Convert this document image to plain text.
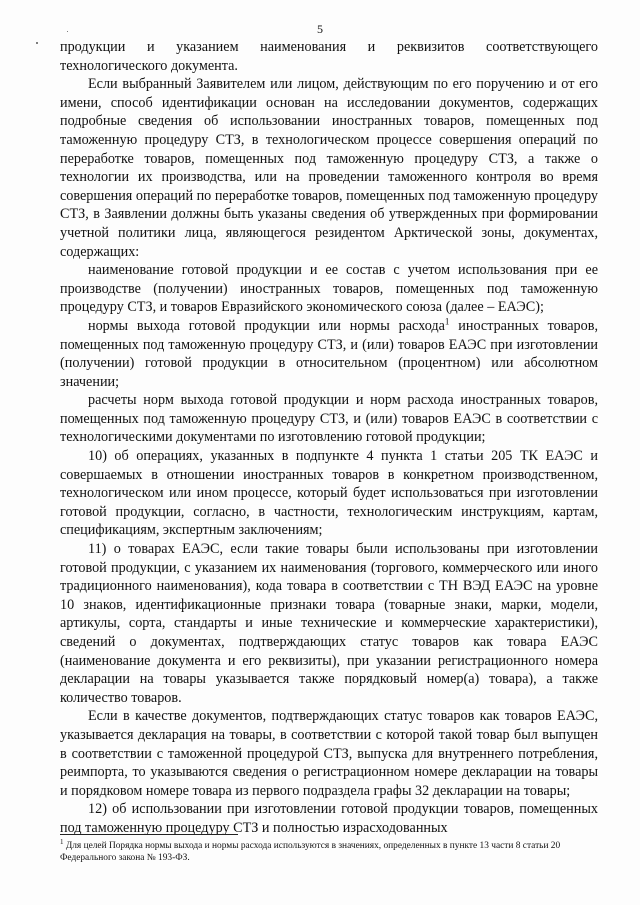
5

продукции и указанием наименования и реквизитов соответствующего технологического документа.

Если выбранный Заявителем или лицом, действующим по его поручению и от его имени, способ идентификации основан на исследовании документов, содержащих подробные сведения об использовании иностранных товаров, помещенных под таможенную процедуру СТЗ, в технологическом процессе совершения операций по переработке товаров, помещенных под таможенную процедуру СТЗ, а также о технологии их производства, или на проведении таможенного контроля во время совершения операций по переработке товаров, помещенных под таможенную процедуру СТЗ, в Заявлении должны быть указаны сведения об утвержденных при формировании учетной политики лица, являющегося резидентом Арктической зоны, документах, содержащих:

наименование готовой продукции и ее состав с учетом использования при ее производстве (получении) иностранных товаров, помещенных под таможенную процедуру СТЗ, и товаров Евразийского экономического союза (далее – ЕАЭС);

нормы выхода готовой продукции или нормы расхода$^1$ иностранных товаров, помещенных под таможенную процедуру СТЗ, и (или) товаров ЕАЭС при изготовлении (получении) готовой продукции в относительном (процентном) или абсолютном значении;

расчеты норм выхода готовой продукции и норм расхода иностранных товаров, помещенных под таможенную процедуру СТЗ, и (или) товаров ЕАЭС в соответствии с технологическими документами по изготовлению готовой продукции;

10) об операциях, указанных в подпункте 4 пункта 1 статьи 205 ТК ЕАЭС и совершаемых в отношении иностранных товаров в конкретном производственном, технологическом или ином процессе, который будет использоваться при изготовлении готовой продукции, согласно, в частности, технологическим инструкциям, картам, спецификациям, экспертным заключениям;

11) о товарах ЕАЭС, если такие товары были использованы при изготовлении готовой продукции, с указанием их наименования (торгового, коммерческого или иного традиционного наименования), кода товара в соответствии с ТН ВЭД ЕАЭС на уровне 10 знаков, идентификационные признаки товара (товарные знаки, марки, модели, артикулы, сорта, стандарты и иные технические и коммерческие характеристики), сведений о документах, подтверждающих статус товаров как товара ЕАЭС (наименование документа и его реквизиты), при указании регистрационного номера декларации на товары указывается также порядковый номер(а) товара), а также количество товаров.

Если в качестве документов, подтверждающих статус товаров как товаров ЕАЭС, указывается декларация на товары, в соответствии с которой такой товар был выпущен в соответствии с таможенной процедурой СТЗ, выпуска для внутреннего потребления, реимпорта, то указываются сведения о регистрационном номере декларации на товары и порядковом номере товара из первого подраздела графы 32 декларации на товары;

12) об использовании при изготовлении готовой продукции товаров, помещенных под таможенную процедуру СТЗ и полностью израсходованных

$^1$ Для целей Порядка нормы выхода и нормы расхода используются в значениях, определенных в пункте 13 части 8 статьи 20 Федерального закона № 193-ФЗ.
